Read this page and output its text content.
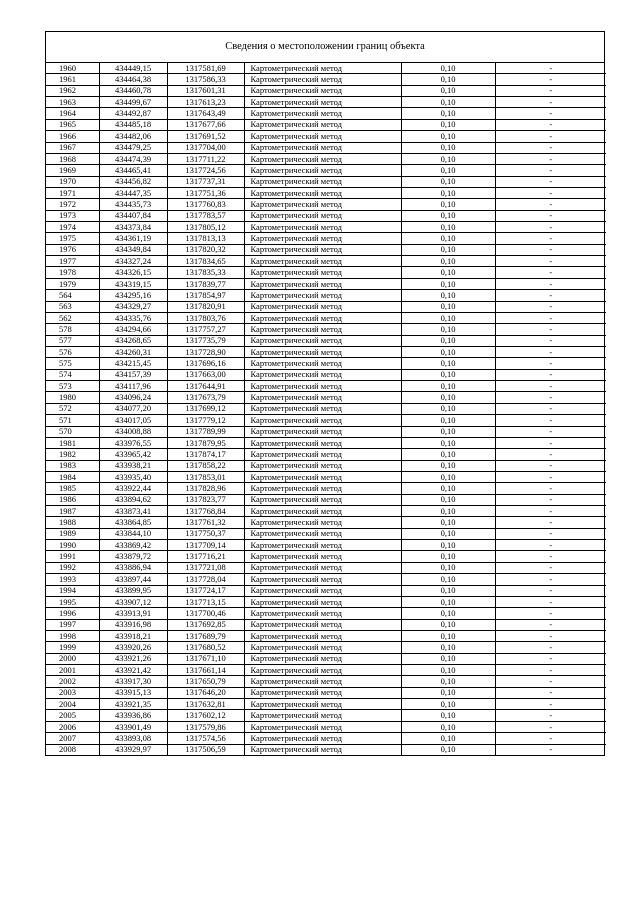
Сведения о местоположении границ объекта
1960	434449,15	1317581,69	Картометрический метод	0,10	-
1961	434464,38	1317586,33	Картометрический метод	0,10	-
1962	434460,78	1317601,31	Картометрический метод	0,10	-
1963	434499,67	1317613,23	Картометрический метод	0,10	-
1964	434492,87	1317643,49	Картометрический метод	0,10	-
1965	434485,18	1317677,66	Картометрический метод	0,10	-
1966	434482,06	1317691,52	Картометрический метод	0,10	-
1967	434479,25	1317704,00	Картометрический метод	0,10	-
1968	434474,39	1317711,22	Картометрический метод	0,10	-
1969	434465,41	1317724,56	Картометрический метод	0,10	-
1970	434456,82	1317737,31	Картометрический метод	0,10	-
1971	434447,35	1317751,36	Картометрический метод	0,10	-
1972	434435,73	1317760,83	Картометрический метод	0,10	-
1973	434407,84	1317783,57	Картометрический метод	0,10	-
1974	434373,84	1317805,12	Картометрический метод	0,10	-
1975	434361,19	1317813,13	Картометрический метод	0,10	-
1976	434349,84	1317820,32	Картометрический метод	0,10	-
1977	434327,24	1317834,65	Картометрический метод	0,10	-
1978	434326,15	1317835,33	Картометрический метод	0,10	-
1979	434319,15	1317839,77	Картометрический метод	0,10	-
564	434295,16	1317854,97	Картометрический метод	0,10	-
563	434329,27	1317820,91	Картометрический метод	0,10	-
562	434335,76	1317803,76	Картометрический метод	0,10	-
578	434294,66	1317757,27	Картометрический метод	0,10	-
577	434268,65	1317735,79	Картометрический метод	0,10	-
576	434260,31	1317728,90	Картометрический метод	0,10	-
575	434215,45	1317696,16	Картометрический метод	0,10	-
574	434157,39	1317663,00	Картометрический метод	0,10	-
573	434117,96	1317644,91	Картометрический метод	0,10	-
1980	434096,24	1317673,79	Картометрический метод	0,10	-
572	434077,20	1317699,12	Картометрический метод	0,10	-
571	434017,05	1317779,12	Картометрический метод	0,10	-
570	434008,88	1317789,99	Картометрический метод	0,10	-
1981	433976,55	1317879,95	Картометрический метод	0,10	-
1982	433965,42	1317874,17	Картометрический метод	0,10	-
1983	433938,21	1317858,22	Картометрический метод	0,10	-
1984	433935,40	1317853,01	Картометрический метод	0,10	-
1985	433922,44	1317828,96	Картометрический метод	0,10	-
1986	433894,62	1317823,77	Картометрический метод	0,10	-
1987	433873,41	1317768,84	Картометрический метод	0,10	-
1988	433864,85	1317761,32	Картометрический метод	0,10	-
1989	433844,10	1317750,37	Картометрический метод	0,10	-
1990	433869,42	1317709,14	Картометрический метод	0,10	-
1991	433879,72	1317716,21	Картометрический метод	0,10	-
1992	433886,94	1317721,08	Картометрический метод	0,10	-
1993	433897,44	1317728,04	Картометрический метод	0,10	-
1994	433899,95	1317724,17	Картометрический метод	0,10	-
1995	433907,12	1317713,15	Картометрический метод	0,10	-
1996	433913,91	1317700,46	Картометрический метод	0,10	-
1997	433916,98	1317692,85	Картометрический метод	0,10	-
1998	433918,21	1317689,79	Картометрический метод	0,10	-
1999	433920,26	1317680,52	Картометрический метод	0,10	-
2000	433921,26	1317671,10	Картометрический метод	0,10	-
2001	433921,42	1317661,14	Картометрический метод	0,10	-
2002	433917,30	1317650,79	Картометрический метод	0,10	-
2003	433915,13	1317646,20	Картометрический метод	0,10	-
2004	433921,35	1317632,81	Картометрический метод	0,10	-
2005	433936,86	1317602,12	Картометрический метод	0,10	-
2006	433901,49	1317579,86	Картометрический метод	0,10	-
2007	433893,08	1317574,56	Картометрический метод	0,10	-
2008	433929,97	1317506,59	Картометрический метод	0,10	-
